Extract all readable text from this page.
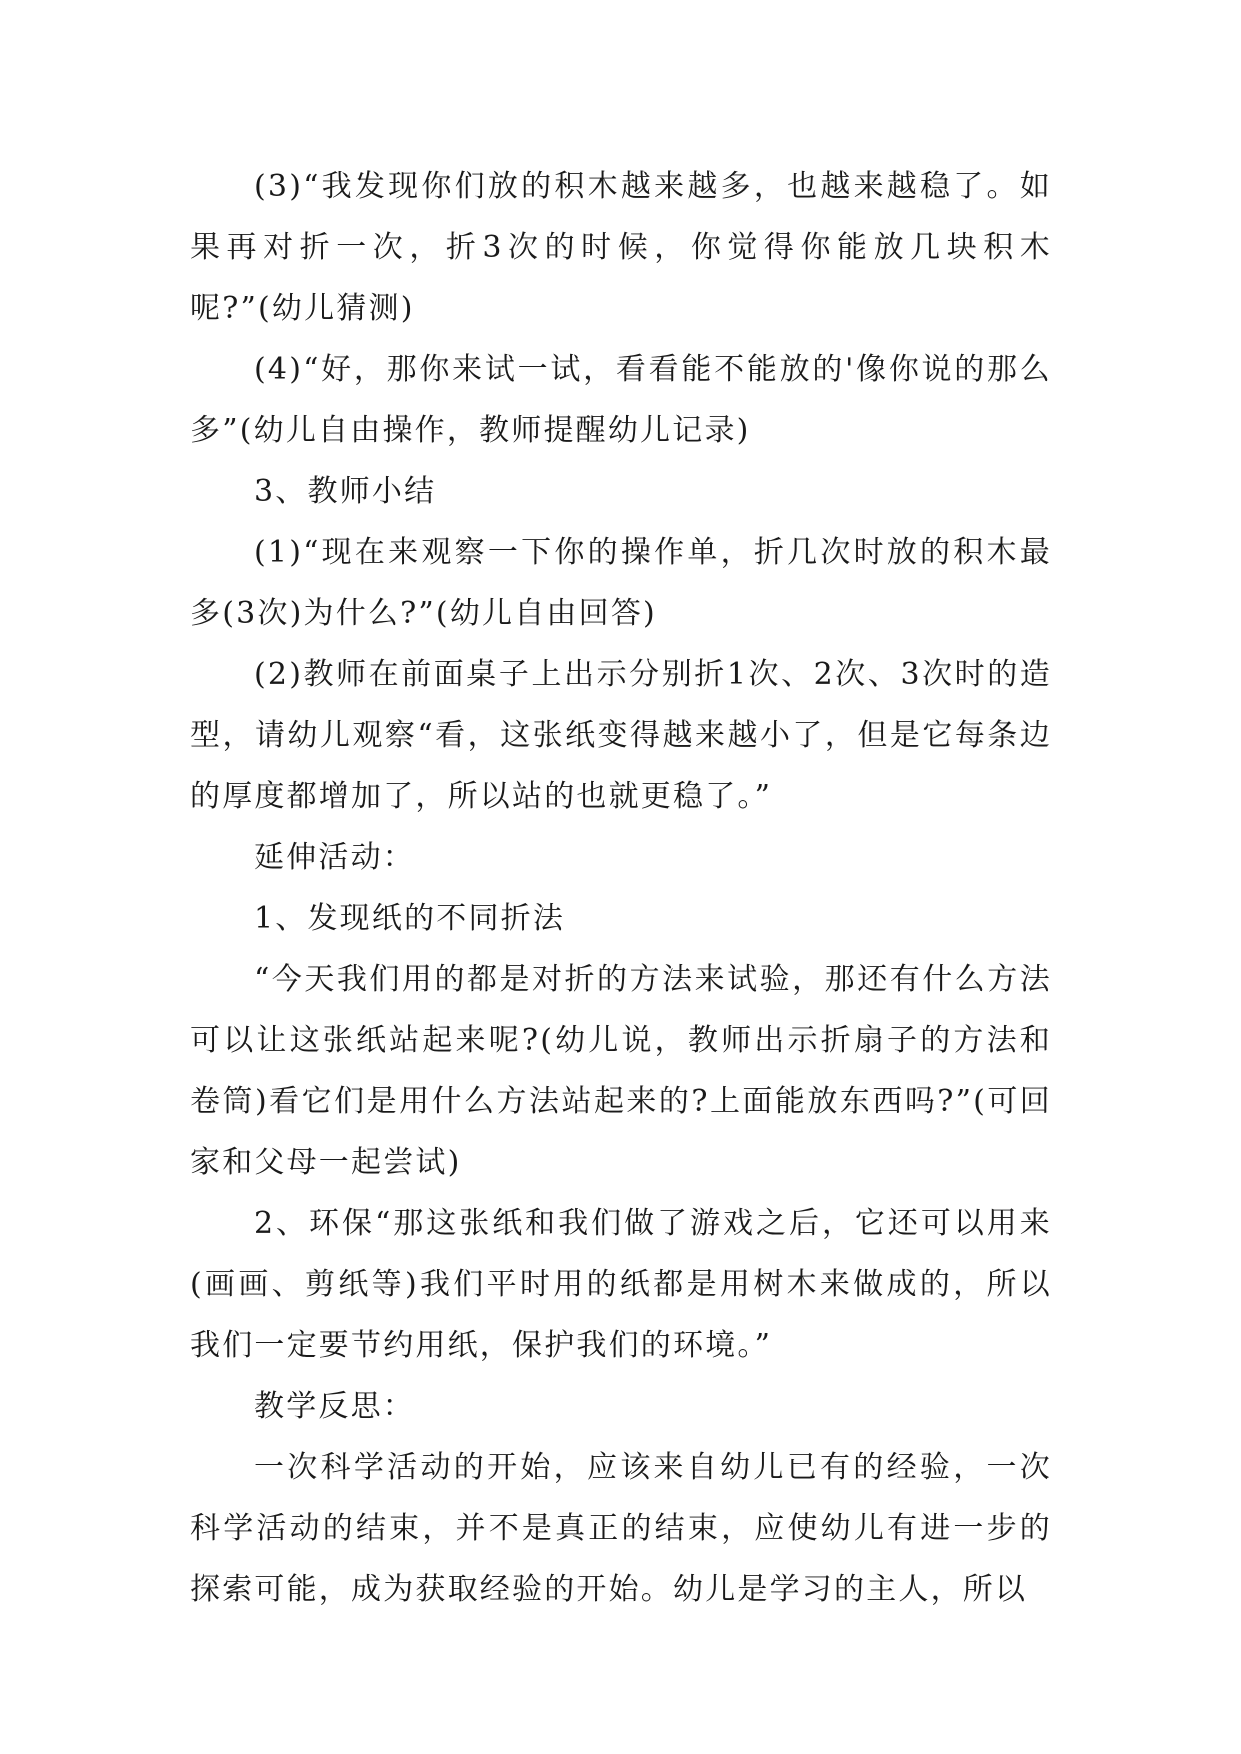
(3)“我发现你们放的积木越来越多，也越来越稳了。如果再对折一次，折3次的时候，你觉得你能放几块积木呢?”(幼儿猜测)

(4)“好，那你来试一试，看看能不能放的'像你说的那么多”(幼儿自由操作，教师提醒幼儿记录)

3、教师小结

(1)“现在来观察一下你的操作单，折几次时放的积木最多(3次)为什么?”(幼儿自由回答)

(2)教师在前面桌子上出示分别折1次、2次、3次时的造型，请幼儿观察“看，这张纸变得越来越小了，但是它每条边的厚度都增加了，所以站的也就更稳了。”

延伸活动：

1、发现纸的不同折法

“今天我们用的都是对折的方法来试验，那还有什么方法可以让这张纸站起来呢?(幼儿说，教师出示折扇子的方法和卷筒)看它们是用什么方法站起来的?上面能放东西吗?”(可回家和父母一起尝试)

2、环保“那这张纸和我们做了游戏之后，它还可以用来(画画、剪纸等)我们平时用的纸都是用树木来做成的，所以我们一定要节约用纸，保护我们的环境。”

教学反思：

一次科学活动的开始，应该来自幼儿已有的经验，一次科学活动的结束，并不是真正的结束，应使幼儿有进一步的探索可能，成为获取经验的开始。幼儿是学习的主人，所以
